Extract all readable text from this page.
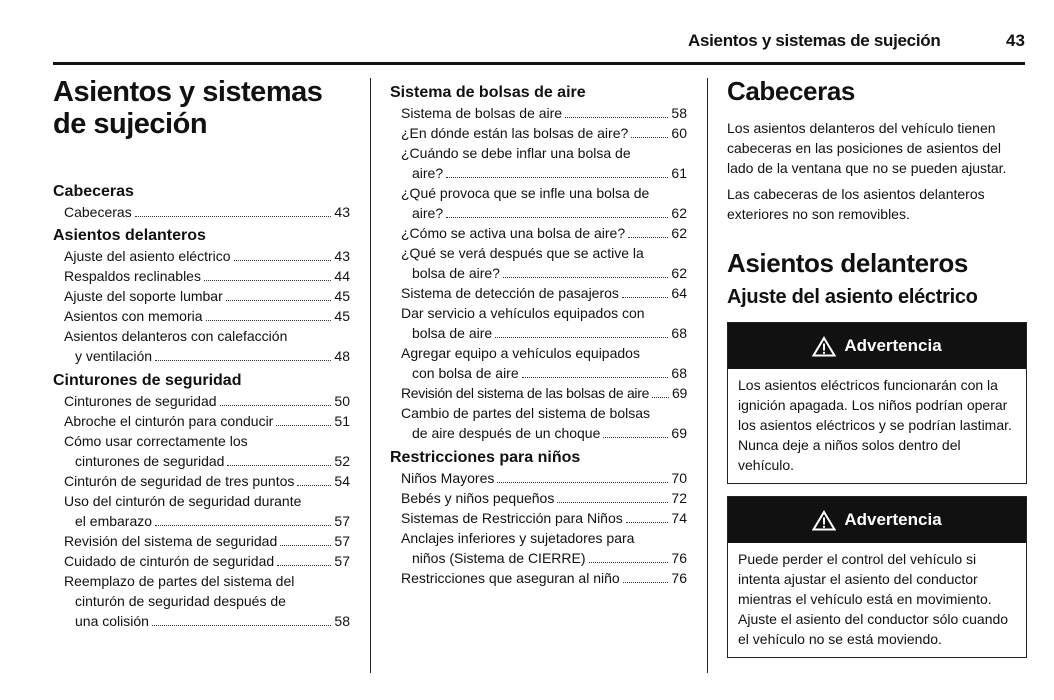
Asientos y sistemas de sujeción	43
Asientos y sistemas
de sujeción
Cabeceras
Cabeceras	43
Asientos delanteros
Ajuste del asiento eléctrico	43
Respaldos reclinables	44
Ajuste del soporte lumbar	45
Asientos con memoria	45
Asientos delanteros con calefacción
y ventilación	48
Cinturones de seguridad
Cinturones de seguridad	50
Abroche el cinturón para conducir	51
Cómo usar correctamente los
cinturones de seguridad	52
Cinturón de seguridad de tres puntos	54
Uso del cinturón de seguridad durante
el embarazo	57
Revisión del sistema de seguridad	57
Cuidado de cinturón de seguridad	57
Reemplazo de partes del sistema del
cinturón de seguridad después de
una colisión	58
Sistema de bolsas de aire
Sistema de bolsas de aire	58
¿En dónde están las bolsas de aire?	60
¿Cuándo se debe inflar una bolsa de
aire?	61
¿Qué provoca que se infle una bolsa de
aire?	62
¿Cómo se activa una bolsa de aire?	62
¿Qué se verá después que se active la
bolsa de aire?	62
Sistema de detección de pasajeros	64
Dar servicio a vehículos equipados con
bolsa de aire	68
Agregar equipo a vehículos equipados
con bolsa de aire	68
Revisión del sistema de las bolsas de aire 69
Cambio de partes del sistema de bolsas
de aire después de un choque	69
Restricciones para niños
Niños Mayores	70
Bebés y niños pequeños	72
Sistemas de Restricción para Niños	74
Anclajes inferiores y sujetadores para
niños (Sistema de CIERRE)	76
Restricciones que aseguran al niño	76
Cabeceras
Los asientos delanteros del vehículo tienen cabeceras en las posiciones de asientos del lado de la ventana que no se pueden ajustar.
Las cabeceras de los asientos delanteros exteriores no son removibles.
Asientos delanteros
Ajuste del asiento eléctrico
Advertencia
Los asientos eléctricos funcionarán con la ignición apagada. Los niños podrían operar los asientos eléctricos y se podrían lastimar. Nunca deje a niños solos dentro del vehículo.
Advertencia
Puede perder el control del vehículo si intenta ajustar el asiento del conductor mientras el vehículo está en movimiento. Ajuste el asiento del conductor sólo cuando el vehículo no se está moviendo.
